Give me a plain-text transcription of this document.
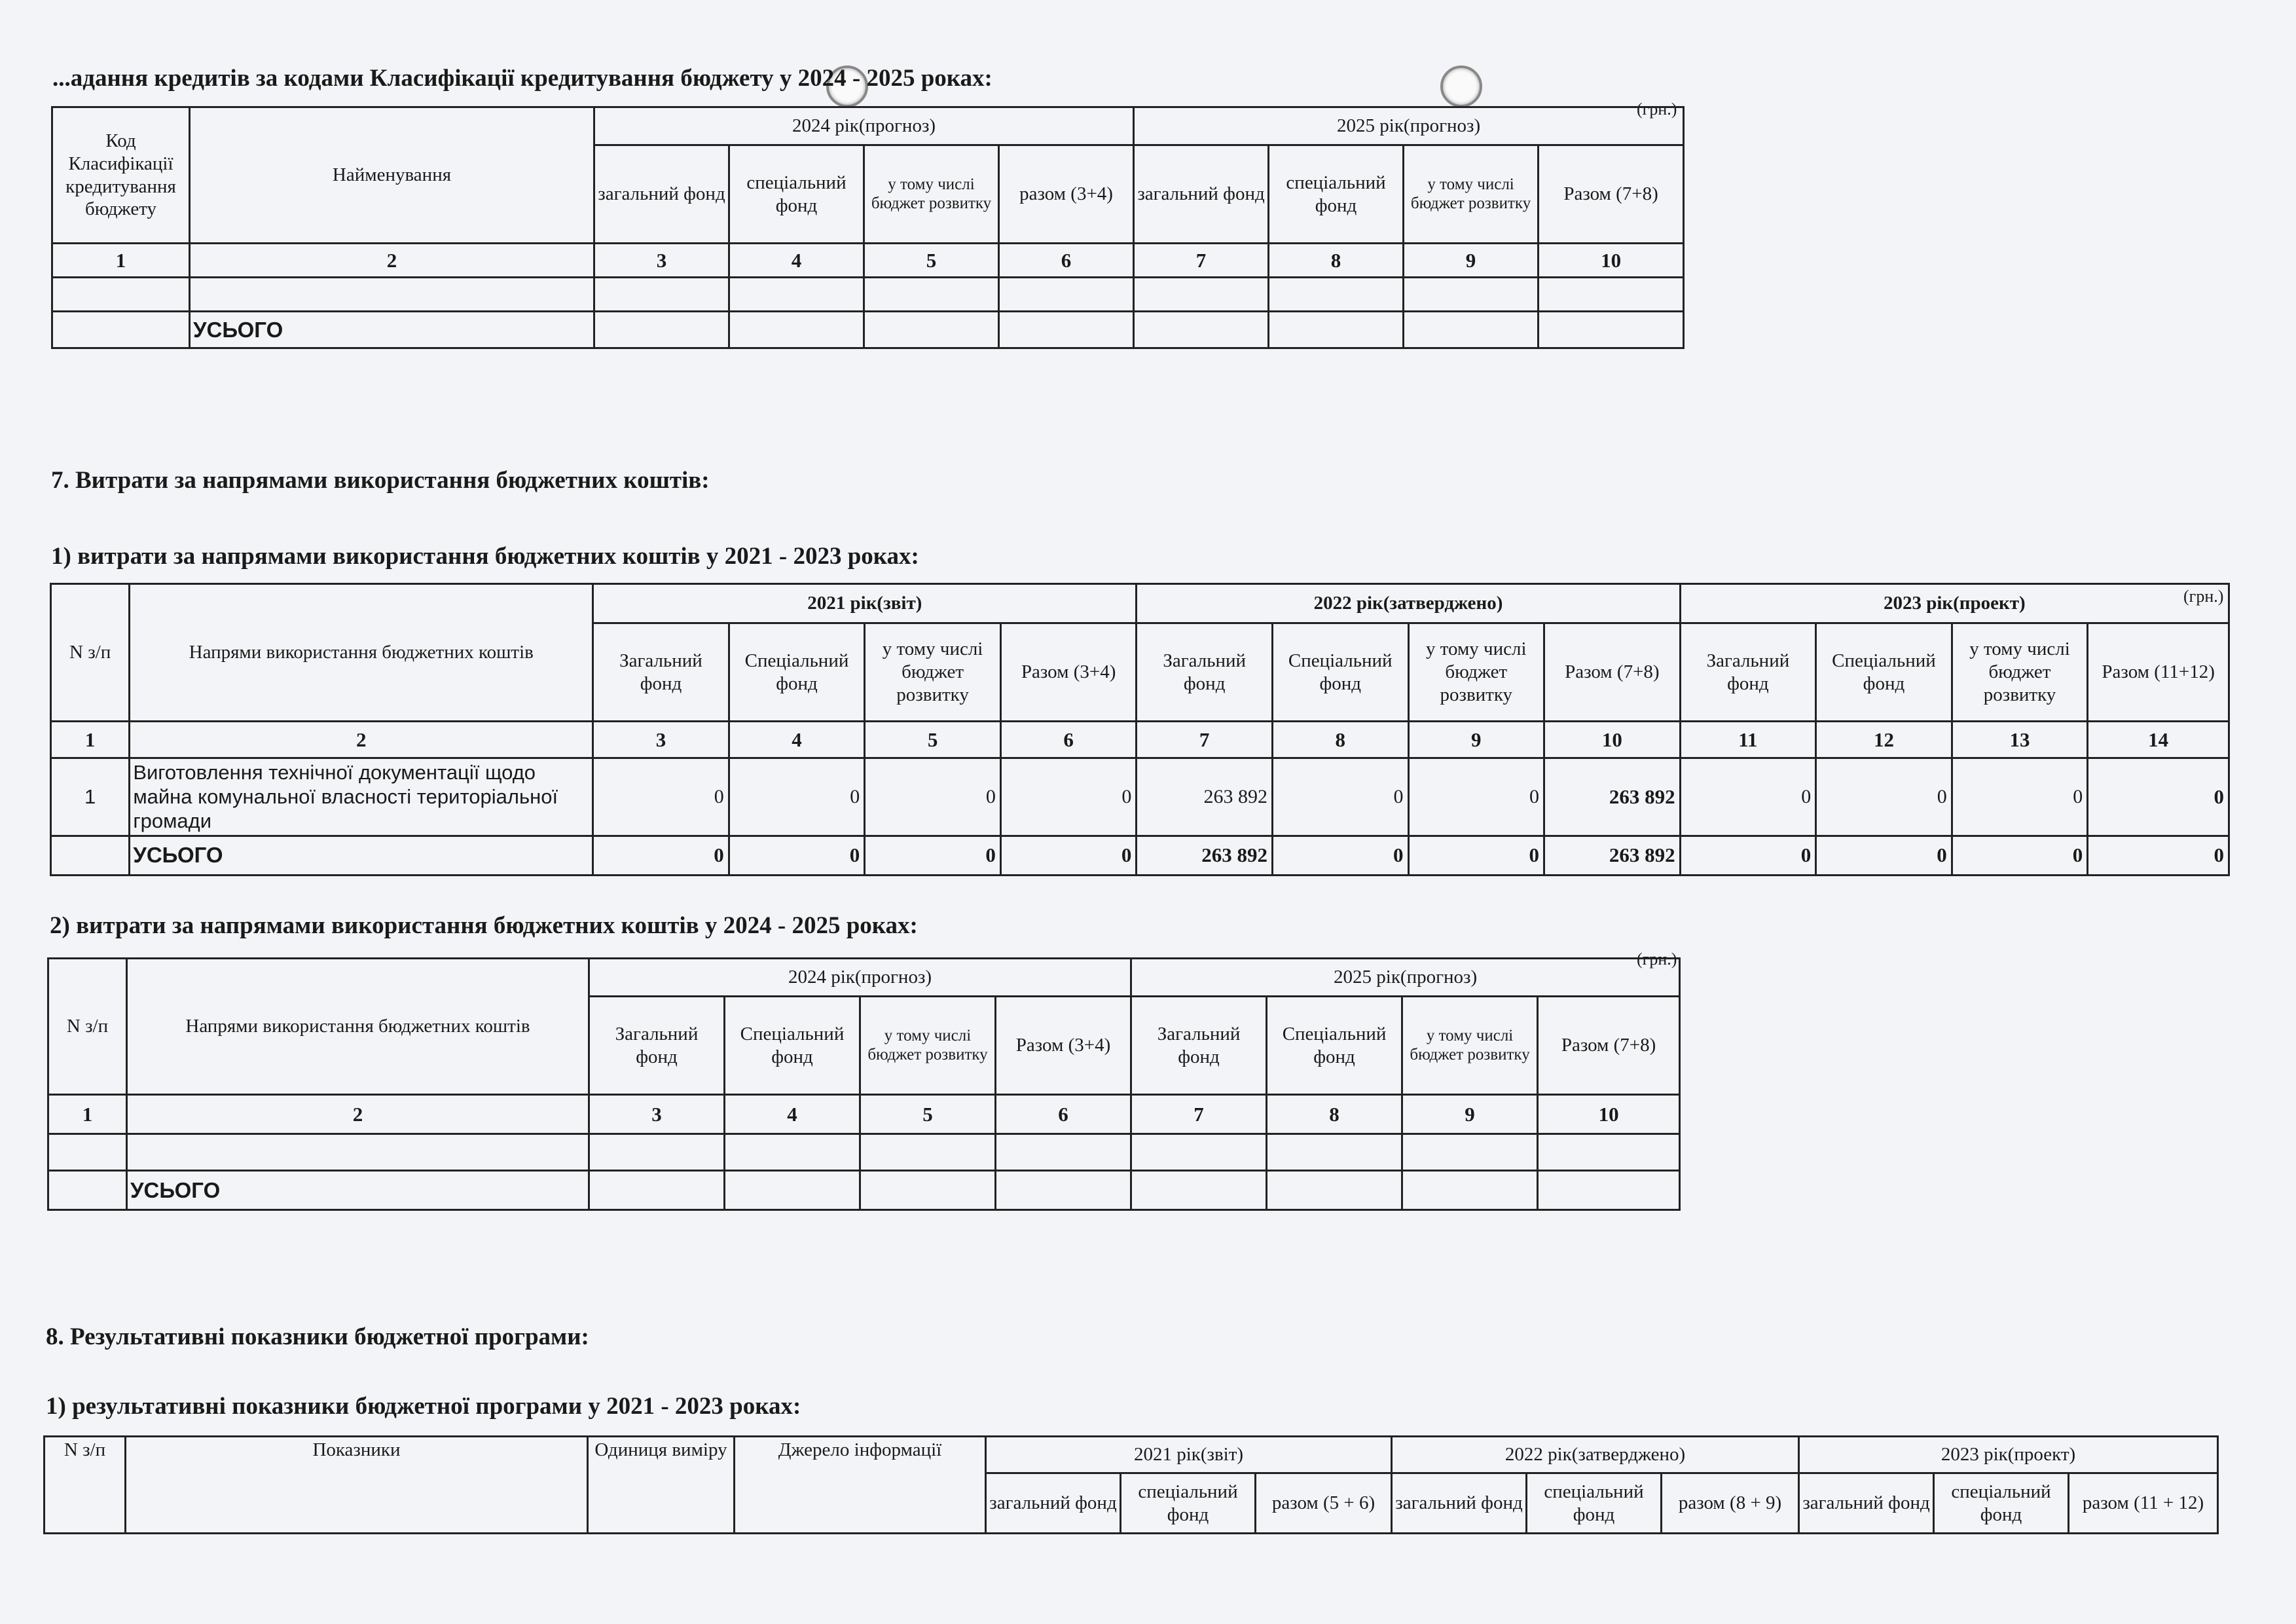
...адання кредитів за кодами Класифікації кредитування бюджету у 2024 - 2025 роках:
(грн.)
Код Класифікації кредитування бюджету	Найменування	2024 рік(прогноз)				2025 рік(прогноз)			
		загальний фонд	спеціальний фонд	у тому числі бюджет розвитку	разом (3+4)	загальний фонд	спеціальний фонд	у тому числі бюджет розвитку	Разом (7+8)
1	2	3	4	5	6	7	8	9	10

	УСЬОГО								
7. Витрати за напрямами використання бюджетних коштів:
1) витрати за напрямами використання бюджетних коштів у 2021 - 2023 роках:
(грн.)
N з/п	Напрями використання бюджетних коштів	2021 рік(звіт)				2022 рік(затверджено)				2023 рік(проект)			
		Загальний фонд	Спеціальний фонд	у тому числі бюджет розвитку	Разом (3+4)	Загальний фонд	Спеціальний фонд	у тому числі бюджет розвитку	Разом (7+8)	Загальний фонд	Спеціальний фонд	у тому числі бюджет розвитку	Разом (11+12)
1	2	3	4	5	6	7	8	9	10	11	12	13	14
1	Виготовлення технічної документації щодо майна комунальної власності територіальної громади	0	0	0	0	263 892	0	0	263 892	0	0	0	0
	УСЬОГО	0	0	0	0	263 892	0	0	263 892	0	0	0	0
2) витрати за напрямами використання бюджетних коштів у 2024 - 2025 роках:
(грн.)
N з/п	Напрями використання бюджетних коштів	2024 рік(прогноз)				2025 рік(прогноз)			
		Загальний фонд	Спеціальний фонд	у тому числі бюджет розвитку	Разом (3+4)	Загальний фонд	Спеціальний фонд	у тому числі бюджет розвитку	Разом (7+8)
1	2	3	4	5	6	7	8	9	10

	УСЬОГО								
8. Результативні показники бюджетної програми:
1) результативні показники бюджетної програми у 2021 - 2023 роках:
N з/п	Показники	Одиниця виміру	Джерело інформації	2021 рік(звіт)			2022 рік(затверджено)			2023 рік(проект)		
				загальний фонд	спеціальний фонд	разом (5 + 6)	загальний фонд	спеціальний фонд	разом (8 + 9)	загальний фонд	спеціальний фонд	разом (11 + 12)
